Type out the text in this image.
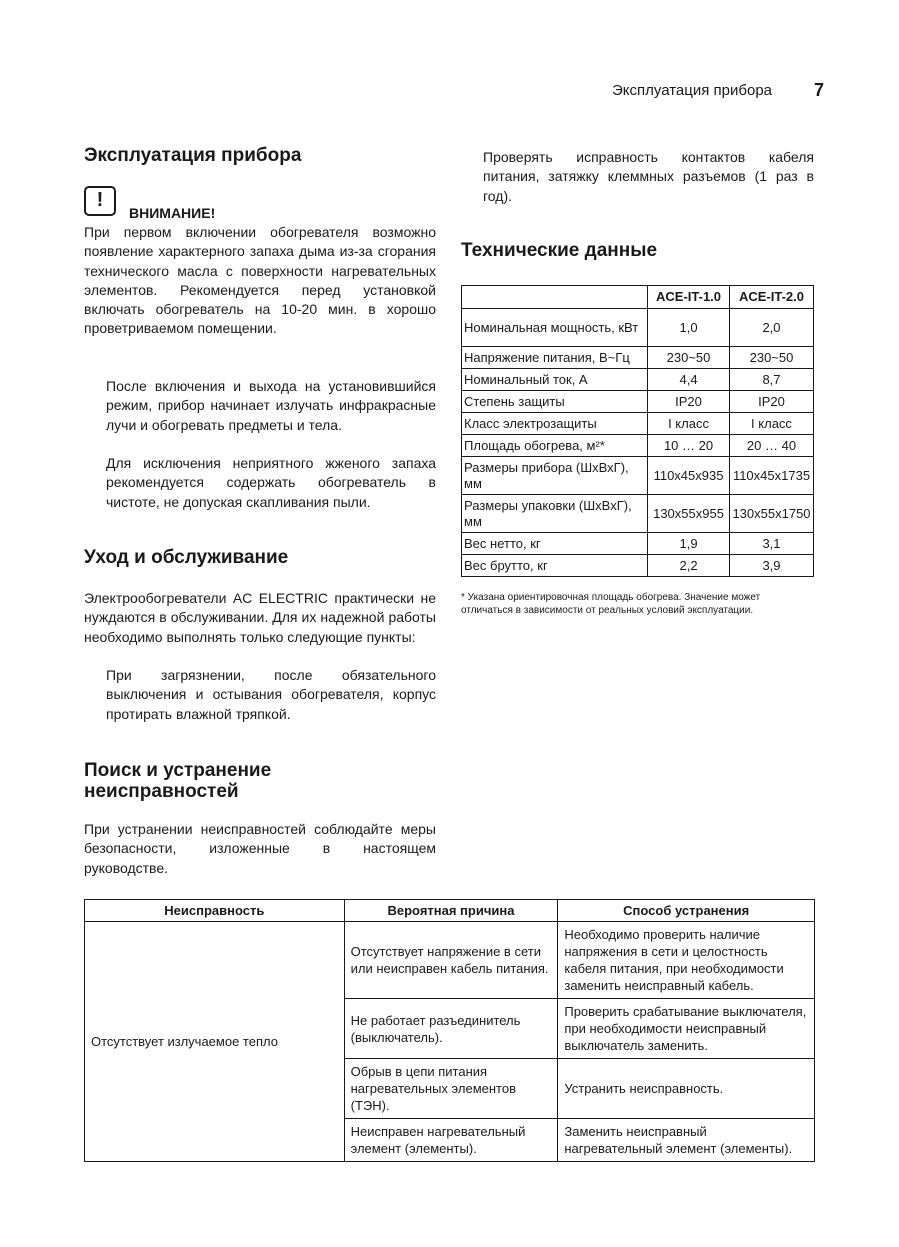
Эксплуатация прибора 7
Эксплуатация прибора
!
ВНИМАНИЕ!

При первом включении обогревателя возможно появление характерного запаха дыма из-за сгорания технического масла с поверхности нагревательных элементов. Рекомендуется перед установкой включать обогреватель на 10-20 мин. в хорошо проветриваемом помещении.

После включения и выхода на установившийся режим, прибор начинает излучать инфракрасные лучи и обогревать предметы и тела.

Для исключения неприятного жженого запаха рекомендуется содержать обогреватель в чистоте, не допуская скапливания пыли.

Уход и обслуживание

Электрообогреватели AC ELECTRIC практически не нуждаются в обслуживании. Для их надежной работы необходимо выполнять только следующие пункты:

При загрязнении, после обязательного выключения и остывания обогревателя, корпус протирать влажной тряпкой.

Поиск и устранение
неисправностей

При устранении неисправностей соблюдайте меры безопасности, изложенные в настоящем руководстве.

Проверять исправность контактов кабеля питания, затяжку клеммных разъемов (1 раз в год).

Технические данные
	ACE-IT-1.0	ACE-IT-2.0
Номинальная мощность, кВт	1,0	2,0
Напряжение питания, В~Гц	230~50	230~50
Номинальный ток, А	4,4	8,7
Степень защиты	IP20	IP20
Класс электрозащиты	I класс	I класс
Площадь обогрева, м²*	10 … 20	20 … 40
Размеры прибора (ШхВхГ), мм	110x45x935	110x45x1735
Размеры упаковки (ШхВхГ), мм	130x55x955	130x55x1750
Вес нетто, кг	1,9	3,1
Вес брутто, кг	2,2	3,9
* Указана ориентировочная площадь обогрева. Значение может отличаться в зависимости от реальных условий эксплуатации.
Неисправность	Вероятная причина	Способ устранения
Отсутствует излучаемое тепло	Отсутствует напряжение в сети или неисправен кабель питания.	Необходимо проверить наличие напряжения в сети и целостность кабеля питания, при необходимости заменить неисправный кабель.
	Не работает разъединитель (выключатель).	Проверить срабатывание выключателя, при необходимости неисправный выключатель заменить.
	Обрыв в цепи питания нагревательных элементов (ТЭН).	Устранить неисправность.
	Неисправен нагревательный элемент (элементы).	Заменить неисправный нагревательный элемент (элементы).
